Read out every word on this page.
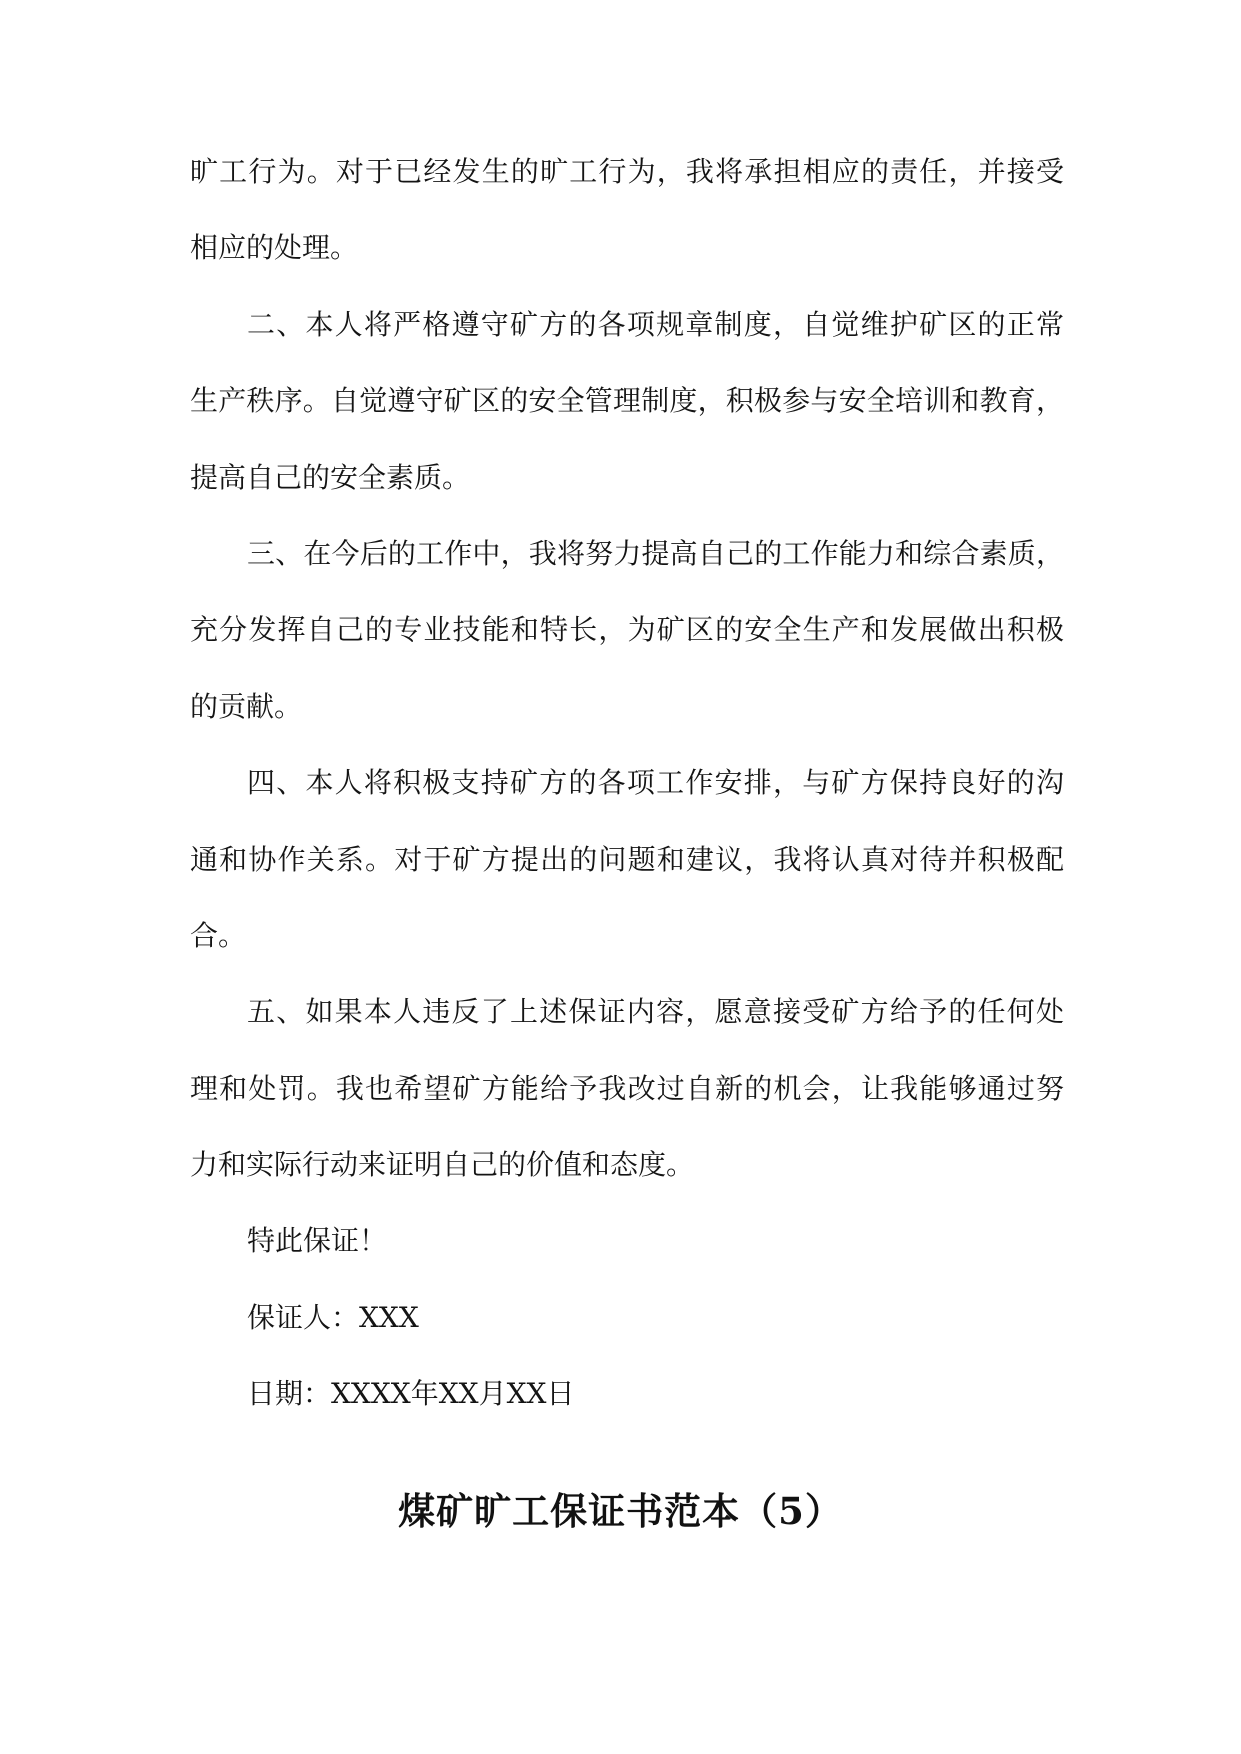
旷工行为。对于已经发生的旷工行为，我将承担相应的责任，并接受
相应的处理。
二、本人将严格遵守矿方的各项规章制度，自觉维护矿区的正常
生产秩序。自觉遵守矿区的安全管理制度，积极参与安全培训和教育，
提高自己的安全素质。
三、在今后的工作中，我将努力提高自己的工作能力和综合素质，
充分发挥自己的专业技能和特长，为矿区的安全生产和发展做出积极
的贡献。
四、本人将积极支持矿方的各项工作安排，与矿方保持良好的沟
通和协作关系。对于矿方提出的问题和建议，我将认真对待并积极配
合。
五、如果本人违反了上述保证内容，愿意接受矿方给予的任何处
理和处罚。我也希望矿方能给予我改过自新的机会，让我能够通过努
力和实际行动来证明自己的价值和态度。
特此保证！
保证人：XXX
日期：XXXX年XX月XX日
煤矿旷工保证书范本（5）
